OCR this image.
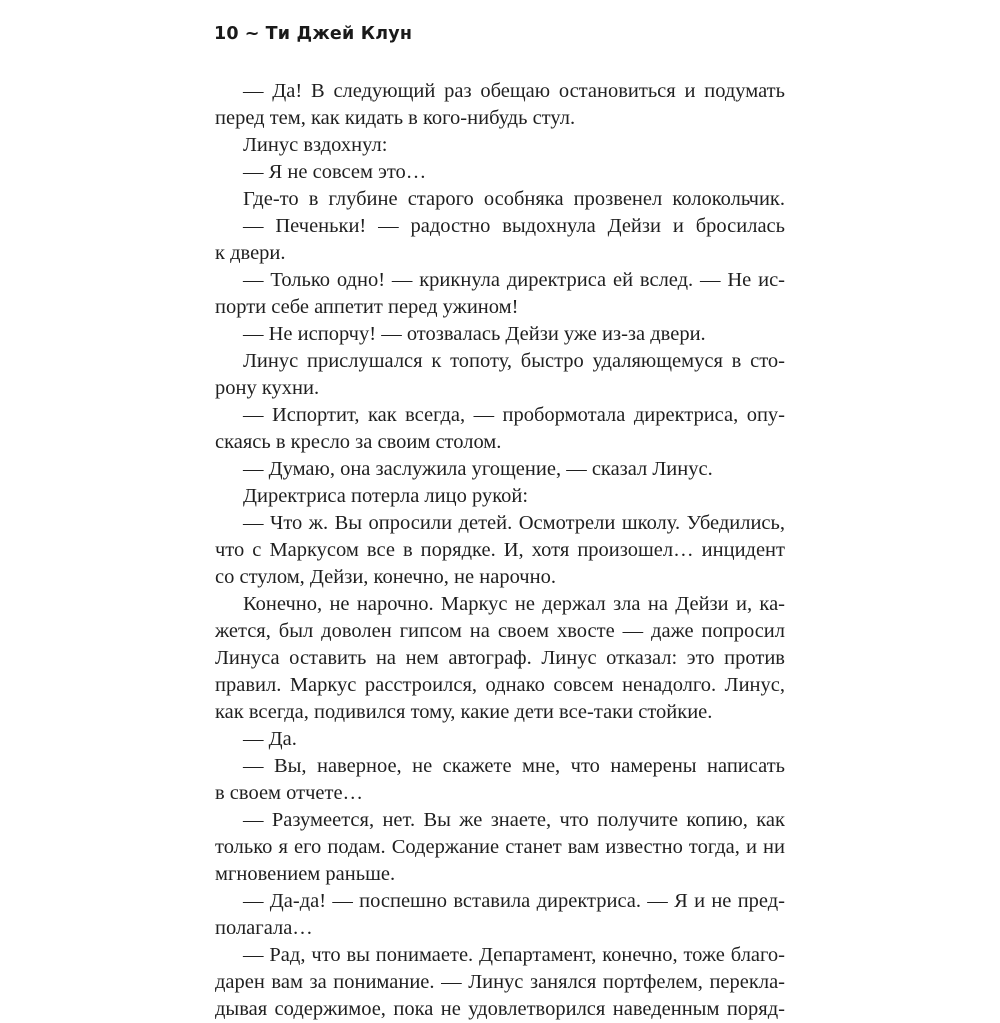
10 ~ Ти Джей Клун
— Да! В следующий раз обещаю остановиться и подумать
перед тем, как кидать в кого-нибудь стул.
Линус вздохнул:
— Я не совсем это…
Где-то в глубине старого особняка прозвенел колокольчик.
— Печеньки! — радостно выдохнула Дейзи и бросилась
к двери.
— Только одно! — крикнула директриса ей вслед. — Не ис-
порти себе аппетит перед ужином!
— Не испорчу! — отозвалась Дейзи уже из-за двери.
Линус прислушался к топоту, быстро удаляющемуся в сто-
рону кухни.
— Испортит, как всегда, — пробормотала директриса, опу-
скаясь в кресло за своим столом.
— Думаю, она заслужила угощение, — сказал Линус.
Директриса потерла лицо рукой:
— Что ж. Вы опросили детей. Осмотрели школу. Убедились,
что с Маркусом все в порядке. И, хотя произошел… инцидент
со стулом, Дейзи, конечно, не нарочно.
Конечно, не нарочно. Маркус не держал зла на Дейзи и, ка-
жется, был доволен гипсом на своем хвосте — даже попросил
Линуса оставить на нем автограф. Линус отказал: это против
правил. Маркус расстроился, однако совсем ненадолго. Линус,
как всегда, подивился тому, какие дети все-таки стойкие.
— Да.
— Вы, наверное, не скажете мне, что намерены написать
в своем отчете…
— Разумеется, нет. Вы же знаете, что получите копию, как
только я его подам. Содержание станет вам известно тогда, и ни
мгновением раньше.
— Да-да! — поспешно вставила директриса. — Я и не пред-
полагала…
— Рад, что вы понимаете. Департамент, конечно, тоже благо-
дарен вам за понимание. — Линус занялся портфелем, перекла-
дывая содержимое, пока не удовлетворился наведенным поряд-
